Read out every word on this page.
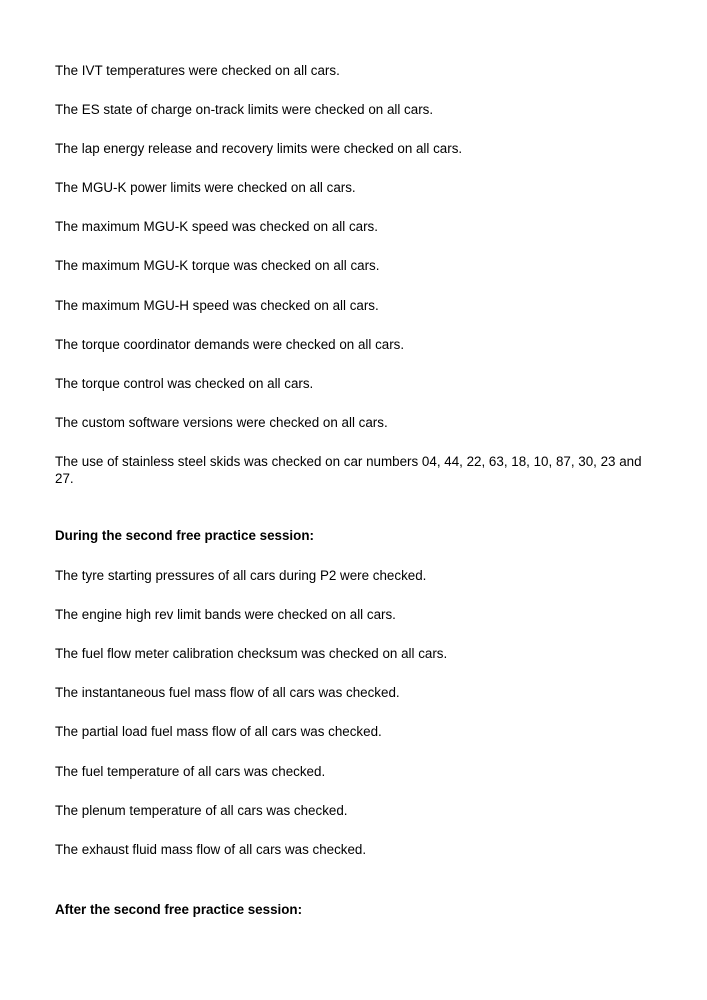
The IVT temperatures were checked on all cars.

The ES state of charge on-track limits were checked on all cars.

The lap energy release and recovery limits were checked on all cars.

The MGU-K power limits were checked on all cars.

The maximum MGU-K speed was checked on all cars.

The maximum MGU-K torque was checked on all cars.

The maximum MGU-H speed was checked on all cars.

The torque coordinator demands were checked on all cars.

The torque control was checked on all cars.

The custom software versions were checked on all cars.

The use of stainless steel skids was checked on car numbers 04, 44, 22, 63, 18, 10, 87, 30, 23 and 27.

During the second free practice session:

The tyre starting pressures of all cars during P2 were checked.

The engine high rev limit bands were checked on all cars.

The fuel flow meter calibration checksum was checked on all cars.

The instantaneous fuel mass flow of all cars was checked.

The partial load fuel mass flow of all cars was checked.

The fuel temperature of all cars was checked.

The plenum temperature of all cars was checked.

The exhaust fluid mass flow of all cars was checked.

After the second free practice session:
